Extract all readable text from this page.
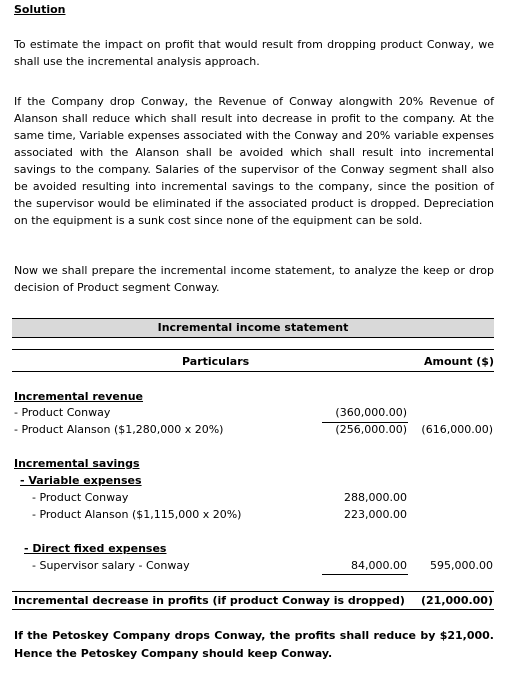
Solution
To estimate the impact on profit that would result from dropping product Conway, we shall use the incremental analysis approach.
If the Company drop Conway, the Revenue of Conway alongwith 20% Revenue of Alanson shall reduce which shall result into decrease in profit to the company. At the same time, Variable expenses associated with the Conway and 20% variable expenses associated with the Alanson shall be avoided which shall result into incremental savings to the company. Salaries of the supervisor of the Conway segment shall also be avoided resulting into incremental savings to the company, since the position of the supervisor would be eliminated if the associated product is dropped. Depreciation on the equipment is a sunk cost since none of the equipment can be sold.
Now we shall prepare the incremental income statement, to analyze the keep or drop decision of Product segment Conway.
Incremental income statement
Particulars	Amount ($)
Incremental revenue
- Product Conway	(360,000.00)
- Product Alanson ($1,280,000 x 20%)	(256,000.00) (616,000.00)
Incremental savings
- Variable expenses
- Product Conway	288,000.00
- Product Alanson ($1,115,000 x 20%)	223,000.00
- Direct fixed expenses
- Supervisor salary - Conway	84,000.00 595,000.00
Incremental decrease in profits (if product Conway is dropped) (21,000.00)
If the Petoskey Company drops Conway, the profits shall reduce by $21,000. Hence the Petoskey Company should keep Conway.
